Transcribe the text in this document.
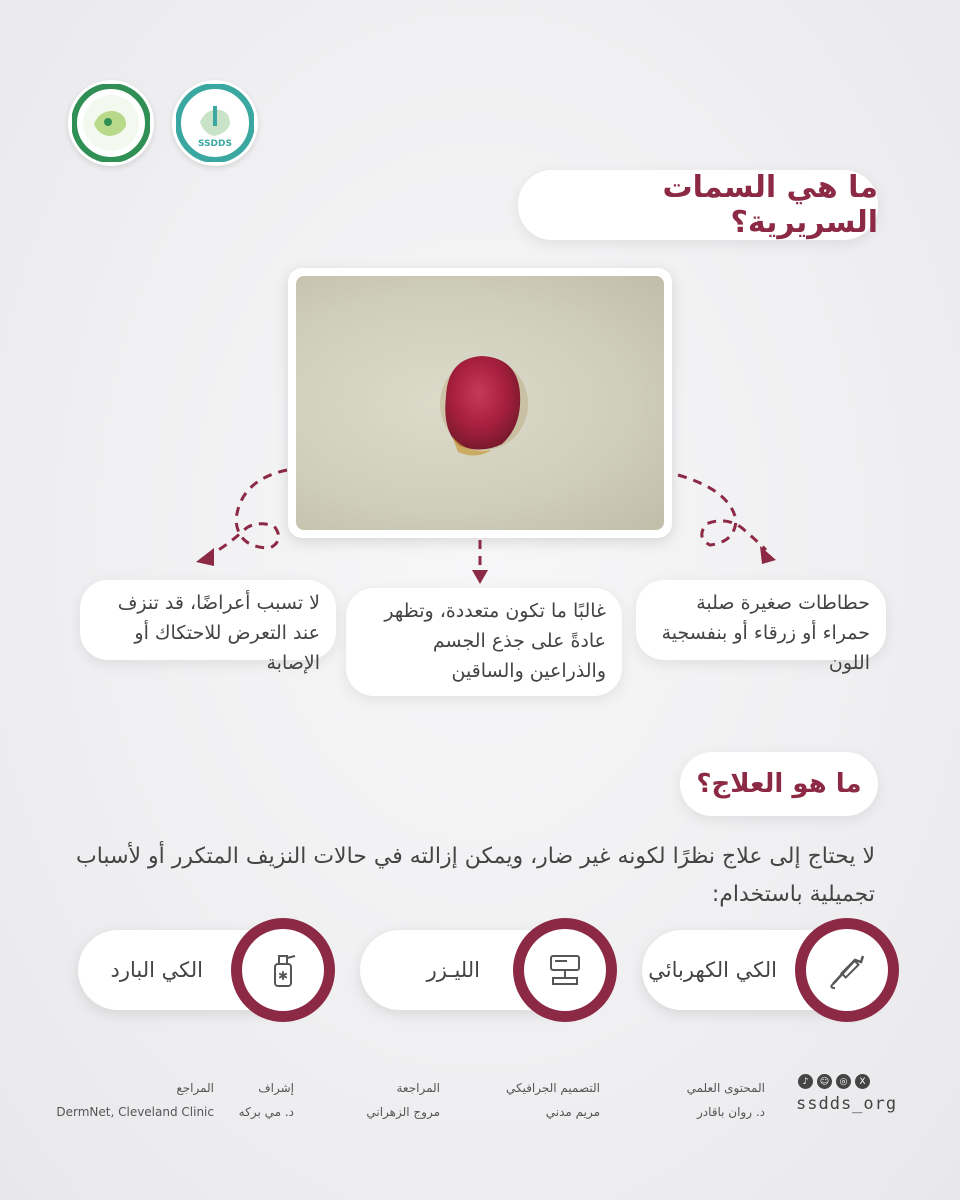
SSDDS
ما هي السمات السريرية؟
حطاطات صغيرة صلبة حمراء أو زرقاء أو بنفسجية اللون
غالبًا ما تكون متعددة، وتظهر عادةً على جذع الجسم والذراعين والساقين
لا تسبب أعراضًا، قد تنزف عند التعرض للاحتكاك أو الإصابة
ما هو العلاج؟
لا يحتاج إلى علاج نظرًا لكونه غير ضار، ويمكن إزالته في حالات النزيف المتكرر أو لأسباب تجميلية باستخدام:
الكي الكهربائي
الليـزر
✱
الكي البارد
♪	☺	◎	X
ssdds_org
المحتوى العلمي
د. روان باقادر
التصميم الجرافيكي
مريم مدني
المراجعة
مروج الزهراني
إشراف
د. مي بركه
المراجع
DermNet, Cleveland Clinic
